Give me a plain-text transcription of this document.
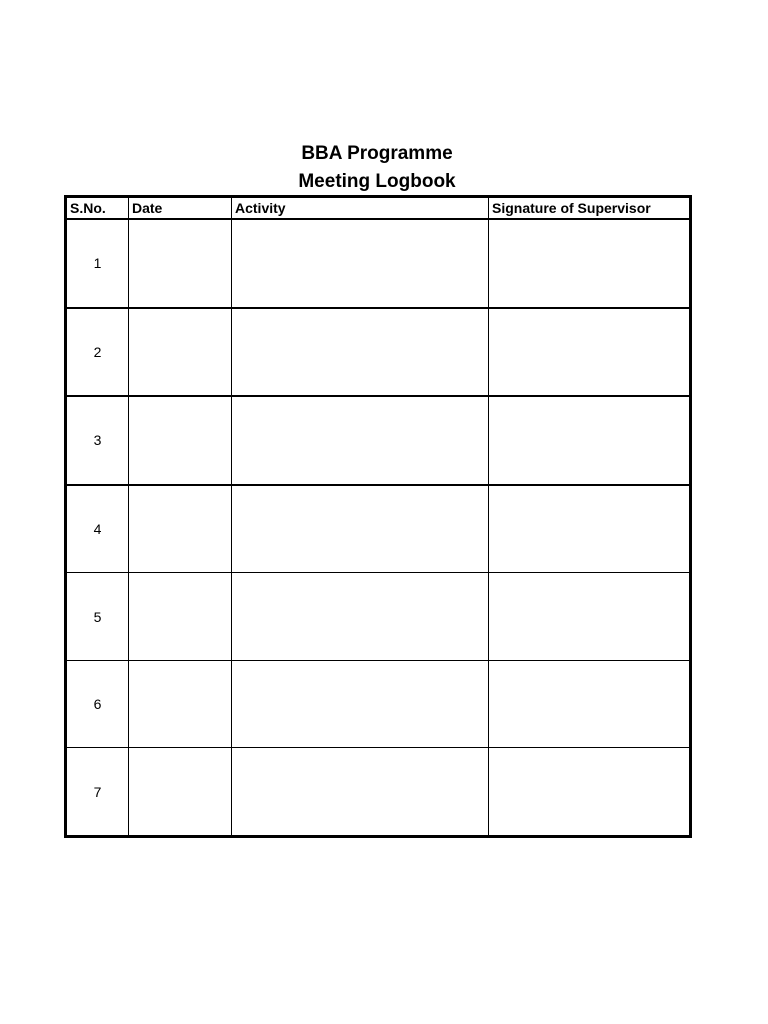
BBA Programme
Meeting Logbook
S.No.	Date	Activity	Signature of Supervisor
1			
2			
3			
4			
5			
6			
7			
